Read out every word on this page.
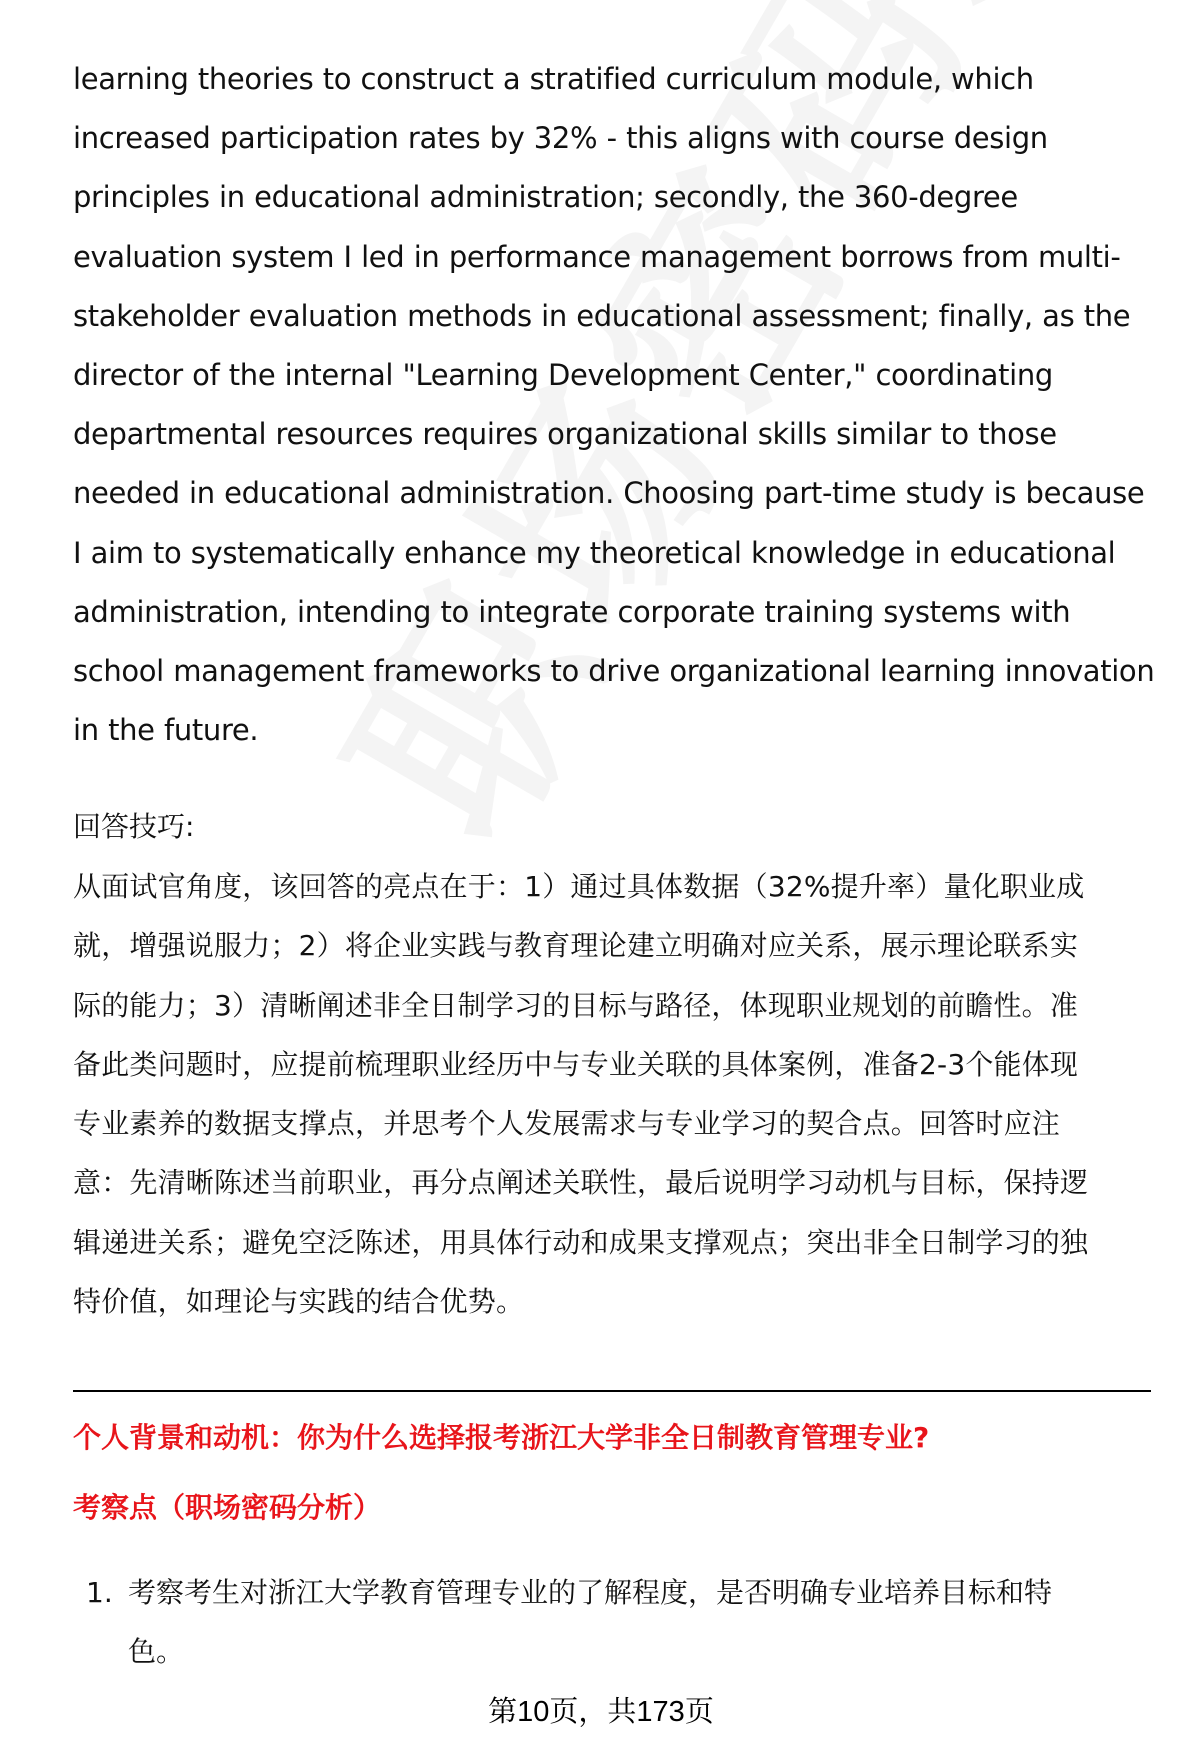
learning theories to construct a stratified curriculum module, which
increased participation rates by 32% - this aligns with course design
principles in educational administration; secondly, the 360-degree
evaluation system I led in performance management borrows from multi-
stakeholder evaluation methods in educational assessment; finally, as the
director of the internal "Learning Development Center," coordinating
departmental resources requires organizational skills similar to those
needed in educational administration. Choosing part-time study is because
I aim to systematically enhance my theoretical knowledge in educational
administration, intending to integrate corporate training systems with
school management frameworks to drive organizational learning innovation
in the future.
回答技巧:
从面试官角度，该回答的亮点在于：1）通过具体数据（32%提升率）量化职业成
就，增强说服力；2）将企业实践与教育理论建立明确对应关系，展示理论联系实
际的能力；3）清晰阐述非全日制学习的目标与路径，体现职业规划的前瞻性。准
备此类问题时，应提前梳理职业经历中与专业关联的具体案例，准备2-3个能体现
专业素养的数据支撑点，并思考个人发展需求与专业学习的契合点。回答时应注
意：先清晰陈述当前职业，再分点阐述关联性，最后说明学习动机与目标，保持逻
辑递进关系；避免空泛陈述，用具体行动和成果支撑观点；突出非全日制学习的独
特价值，如理论与实践的结合优势。
个人背景和动机：你为什么选择报考浙江大学非全日制教育管理专业?
考察点（职场密码分析）
1. 考察考生对浙江大学教育管理专业的了解程度，是否明确专业培养目标和特
色。
第10页，共173页
